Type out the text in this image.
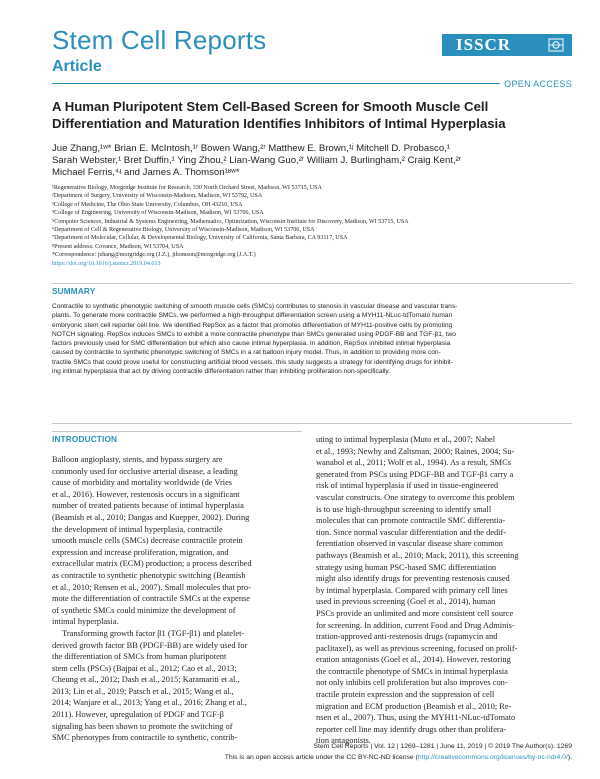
Stem Cell Reports
Article
ISSCR
OPEN ACCESS
A Human Pluripotent Stem Cell-Based Screen for Smooth Muscle Cell
Differentiation and Maturation Identifies Inhibitors of Intimal Hyperplasia
Jue Zhang,¹ʷ* Brian E. McIntosh,¹ʳ Bowen Wang,²ʳ Matthew E. Brown,¹ʲ Mitchell D. Probasco,¹
Sarah Webster,¹ Bret Duffin,¹ Ying Zhou,² Lian-Wang Guo,²ʳ William J. Burlingham,² Craig Kent,²ʳ
Michael Ferris,⁴ʵ and James A. Thomson¹ʶʷ*
¹Regenerative Biology, Morgridge Institute for Research, 330 North Orchard Street, Madison, WI 53715, USA
²Department of Surgery, University of Wisconsin-Madison, Madison, WI 53792, USA
³College of Medicine, The Ohio State University, Columbus, OH 43210, USA
⁴College of Engineering, University of Wisconsin-Madison, Madison, WI 53706, USA
⁵Computer Sciences, Industrial & Systems Engineering, Mathematics, Optimization, Wisconsin Institute for Discovery, Madison, WI 53715, USA
⁶Department of Cell & Regenerative Biology, University of Wisconsin-Madison, Madison, WI 53706, USA
⁷Department of Molecular, Cellular, & Developmental Biology, University of California, Santa Barbara, CA 93117, USA
⁸Present address: Covance, Madison, WI 53704, USA
*Correspondence: jzhang@morgridge.org (J.Z.), jthomson@morgridge.org (J.A.T.)
https://doi.org/10.1016/j.stemcr.2019.04.013
SUMMARY
Contractile to synthetic phenotypic switching of smooth muscle cells (SMCs) contributes to stenosis in vascular disease and vascular trans-
plants. To generate more contractile SMCs, we performed a high-throughput differentiation screen using a MYH11-NLuc-tdTomato human
embryonic stem cell reporter cell line. We identified RepSox as a factor that promotes differentiation of MYH11-positive cells by promoting
NOTCH signaling. RepSox induces SMCs to exhibit a more contractile phenotype than SMCs generated using PDGF-BB and TGF-β1, two
factors previously used for SMC differentiation but which also cause intimal hyperplasia. In addition, RepSox inhibited intimal hyperplasia
caused by contractile to synthetic phenotypic switching of SMCs in a rat balloon injury model. Thus, in addition to providing more con-
tractile SMCs that could prove useful for constructing artificial blood vessels, this study suggests a strategy for identifying drugs for inhibit-
ing intimal hyperplasia that act by driving contractile differentiation rather than inhibiting proliferation non-specifically.
INTRODUCTION
Balloon angioplasty, stents, and bypass surgery are
commonly used for occlusive arterial disease, a leading
cause of morbidity and mortality worldwide (de Vries
et al., 2016). However, restenosis occurs in a significant
number of treated patients because of intimal hyperplasia
(Beamish et al., 2010; Dangas and Kuepper, 2002). During
the development of intimal hyperplasia, contractile
smooth muscle cells (SMCs) decrease contractile protein
expression and increase proliferation, migration, and
extracellular matrix (ECM) production; a process described
as contractile to synthetic phenotypic switching (Beamish
et al., 2010; Rensen et al., 2007). Small molecules that pro-
mote the differentiation of contractile SMCs at the expense
of synthetic SMCs could minimize the development of
intimal hyperplasia.
Transforming growth factor β1 (TGF-β1) and platelet-
derived growth factor BB (PDGF-BB) are widely used for
the differentiation of SMCs from human pluripotent
stem cells (PSCs) (Bajpai et al., 2012; Cao et al., 2013;
Cheung et al., 2012; Dash et al., 2015; Karamariti et al.,
2013; Lin et al., 2019; Patsch et al., 2015; Wang et al.,
2014; Wanjare et al., 2013; Yang et al., 2016; Zhang et al.,
2011). However, upregulation of PDGF and TGF-β
signaling has been shown to promote the switching of
SMC phenotypes from contractile to synthetic, contrib-
uting to intimal hyperplasia (Muto et al., 2007; Nabel
et al., 1993; Newby and Zaltsman, 2000; Raines, 2004; Su-
wanabol et al., 2011; Wolf et al., 1994). As a result, SMCs
generated from PSCs using PDGF-BB and TGF-β1 carry a
risk of intimal hyperplasia if used in tissue-engineered
vascular constructs. One strategy to overcome this problem
is to use high-throughput screening to identify small
molecules that can promote contractile SMC differentia-
tion. Since normal vascular differentiation and the dedif-
ferentiation observed in vascular disease share common
pathways (Beamish et al., 2010; Mack, 2011), this screening
strategy using human PSC-based SMC differentiation
might also identify drugs for preventing restenosis caused
by intimal hyperplasia. Compared with primary cell lines
used in previous screening (Goel et al., 2014), human
PSCs provide an unlimited and more consistent cell source
for screening. In addition, current Food and Drug Adminis-
tration-approved anti-restenosis drugs (rapamycin and
paclitaxel), as well as previous screening, focused on prolif-
eration antagonists (Goel et al., 2014). However, restoring
the contractile phenotype of SMCs in intimal hyperplasia
not only inhibits cell proliferation but also improves con-
tractile protein expression and the suppression of cell
migration and ECM production (Beamish et al., 2010; Re-
nsen et al., 2007). Thus, using the MYH11-NLuc-tdTomato
reporter cell line may identify drugs other than prolifera-
tion antagonists.
Stem Cell Reports | Vol. 12 | 1269–1281 | June 11, 2019 | © 2019 The Author(s). 1269
This is an open access article under the CC BY-NC-ND license (http://creativecommons.org/licenses/by-nc-nd/4.0/).
